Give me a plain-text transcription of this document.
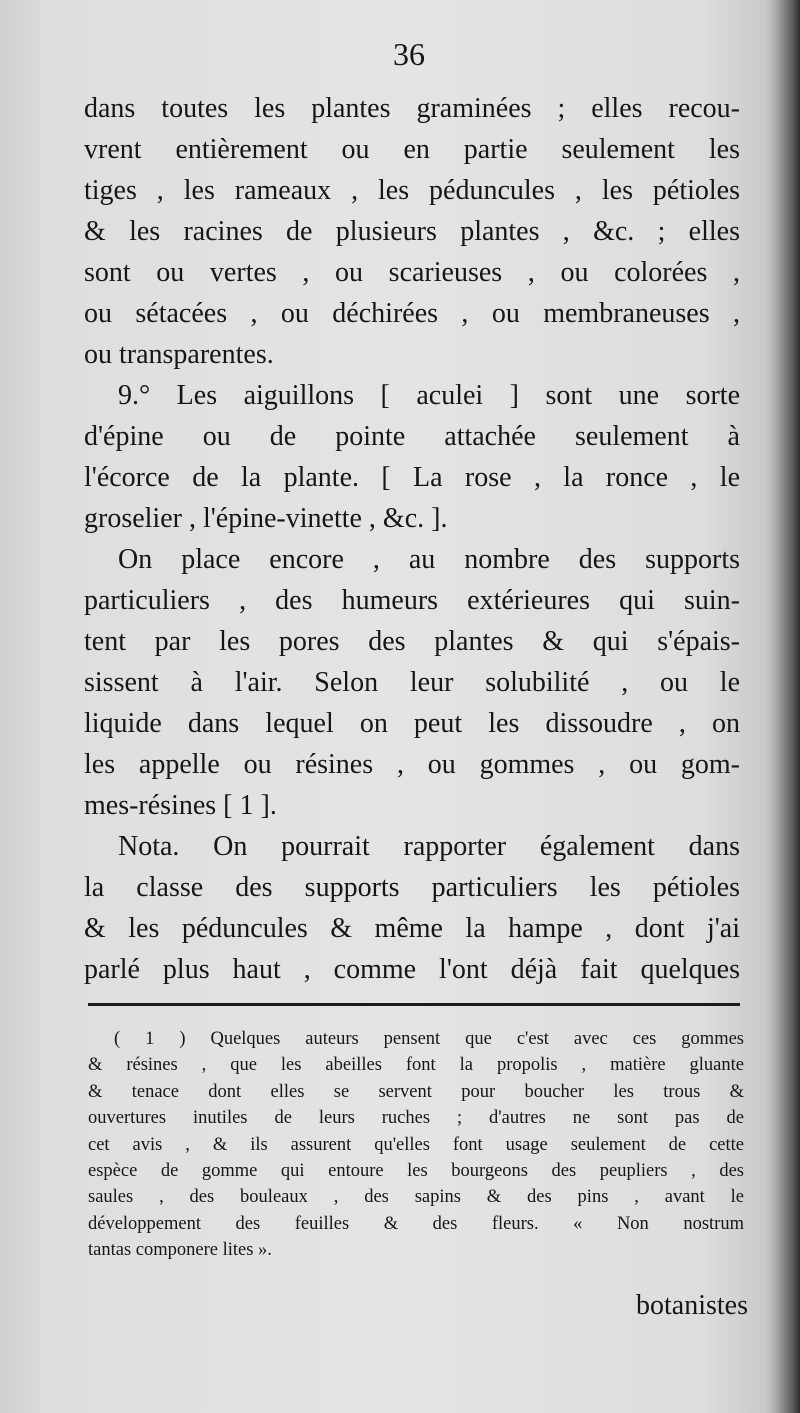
36
dans toutes les plantes graminées ; elles recou-
vrent entièrement ou en partie seulement les
tiges , les rameaux , les péduncules , les pétioles
& les racines de plusieurs plantes , &c. ; elles
sont ou vertes , ou scarieuses , ou colorées ,
ou sétacées , ou déchirées , ou membraneuses ,
ou transparentes.
9.° Les aiguillons [ aculei ] sont une sorte
d'épine ou de pointe attachée seulement à
l'écorce de la plante. [ La rose , la ronce , le
groselier , l'épine-vinette , &c. ].
On place encore , au nombre des supports
particuliers , des humeurs extérieures qui suin-
tent par les pores des plantes & qui s'épais-
sissent à l'air. Selon leur solubilité , ou le
liquide dans lequel on peut les dissoudre , on
les appelle ou résines , ou gommes , ou gom-
mes-résines [ 1 ].
Nota. On pourrait rapporter également dans
la classe des supports particuliers les pétioles
& les péduncules & même la hampe , dont j'ai
parlé plus haut , comme l'ont déjà fait quelques
( 1 ) Quelques auteurs pensent que c'est avec ces gommes
& résines , que les abeilles font la propolis , matière gluante
& tenace dont elles se servent pour boucher les trous &
ouvertures inutiles de leurs ruches ; d'autres ne sont pas de
cet avis , & ils assurent qu'elles font usage seulement de cette
espèce de gomme qui entoure les bourgeons des peupliers , des
saules , des bouleaux , des sapins & des pins , avant le
développement des feuilles & des fleurs. « Non nostrum
tantas componere lites ».
botanistes
